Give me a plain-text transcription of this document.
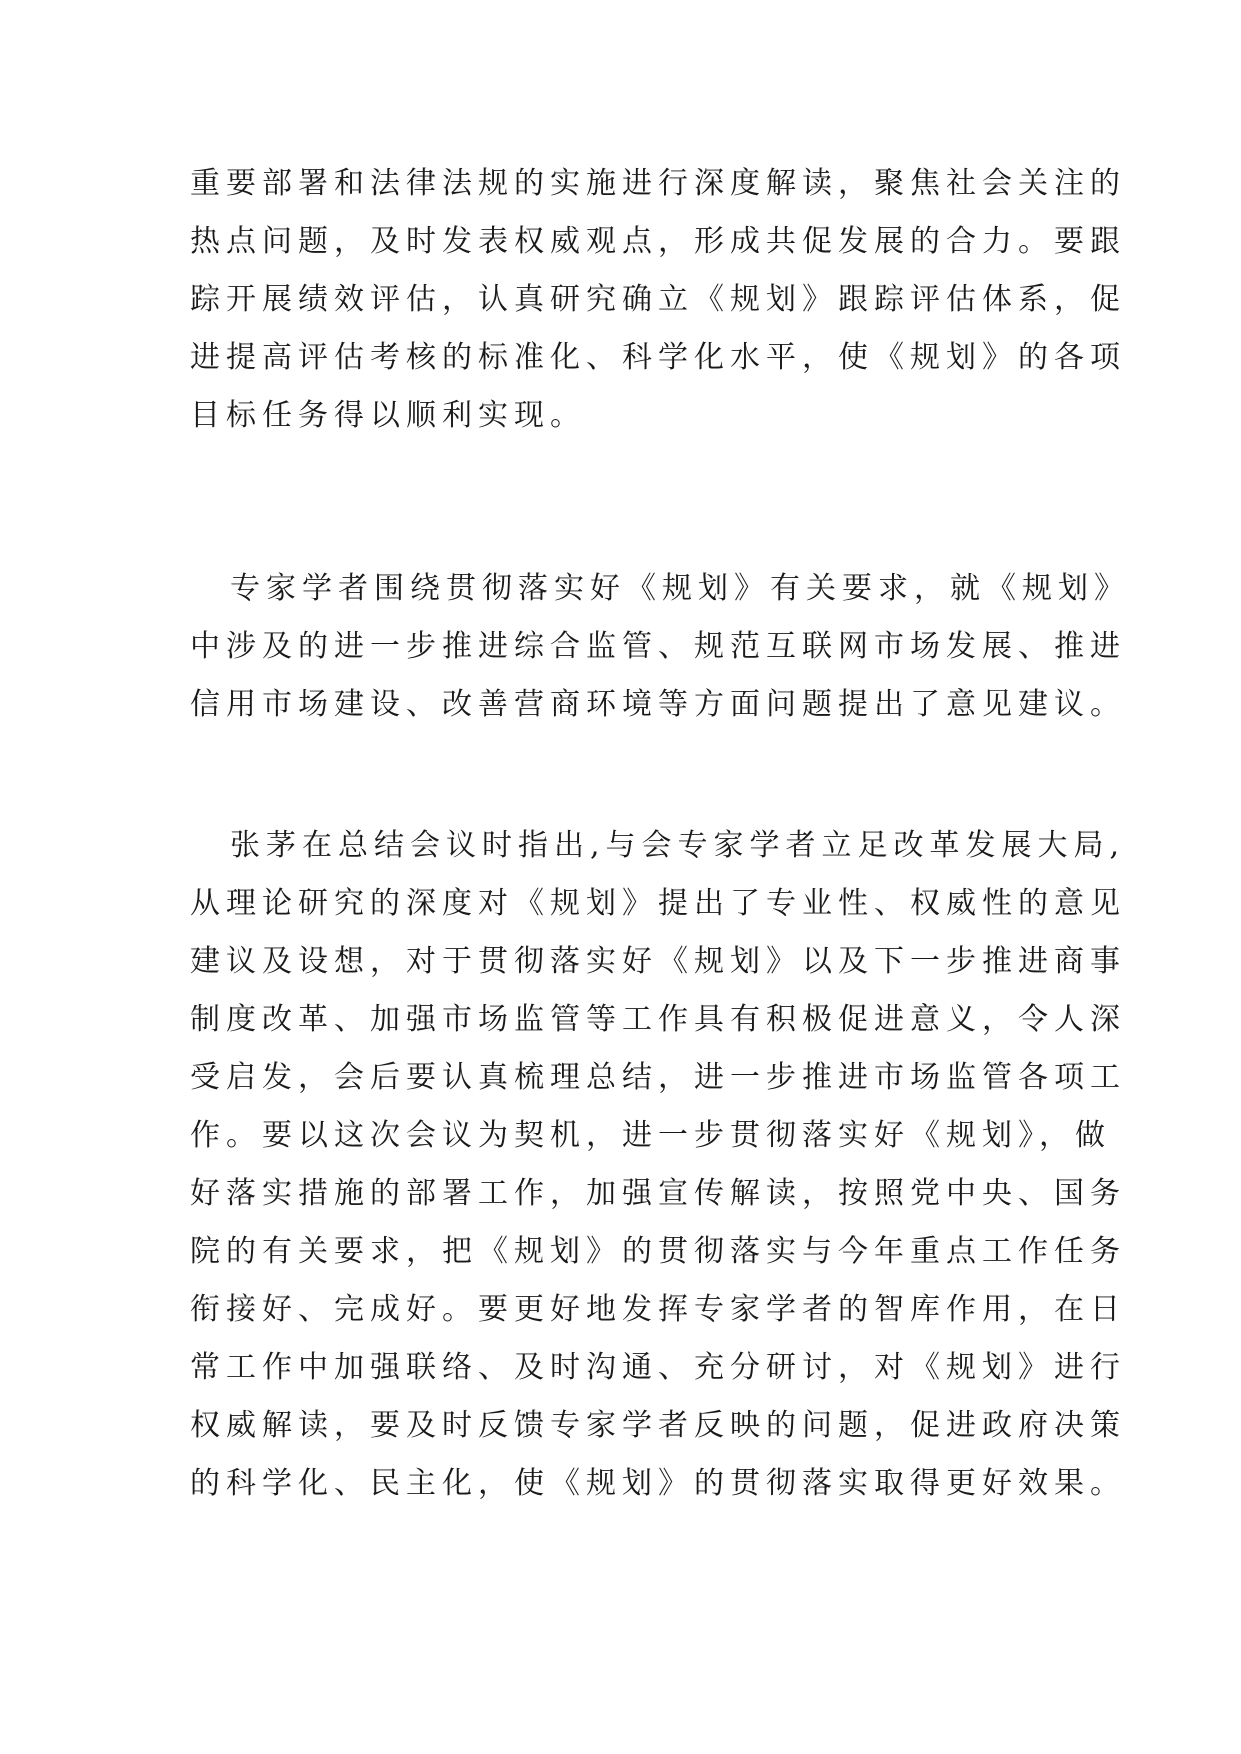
重要部署和法律法规的实施进行深度解读，聚焦社会关注的
热点问题，及时发表权威观点，形成共促发展的合力。要跟
踪开展绩效评估，认真研究确立《规划》跟踪评估体系，促
进提高评估考核的标准化、科学化水平，使《规划》的各项
目标任务得以顺利实现。
专家学者围绕贯彻落实好《规划》有关要求，就《规划》
中涉及的进一步推进综合监管、规范互联网市场发展、推进
信用市场建设、改善营商环境等方面问题提出了意见建议。
张茅在总结会议时指出,与会专家学者立足改革发展大局,
从理论研究的深度对《规划》提出了专业性、权威性的意见
建议及设想，对于贯彻落实好《规划》以及下一步推进商事
制度改革、加强市场监管等工作具有积极促进意义，令人深
受启发，会后要认真梳理总结，进一步推进市场监管各项工
作。要以这次会议为契机，进一步贯彻落实好《规划》，做
好落实措施的部署工作，加强宣传解读，按照党中央、国务
院的有关要求，把《规划》的贯彻落实与今年重点工作任务
衔接好、完成好。要更好地发挥专家学者的智库作用，在日
常工作中加强联络、及时沟通、充分研讨，对《规划》进行
权威解读，要及时反馈专家学者反映的问题，促进政府决策
的科学化、民主化，使《规划》的贯彻落实取得更好效果。
